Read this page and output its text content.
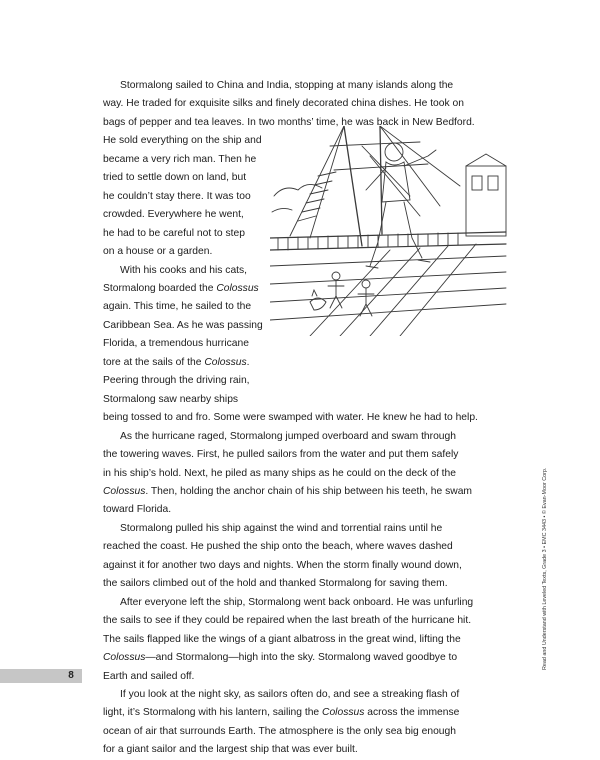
Stormalong sailed to China and India, stopping at many islands along the
way. He traded for exquisite silks and finely decorated china dishes. He took on
bags of pepper and tea leaves. In two months’ time, he was back in New Bedford.
He sold everything on the ship and
became a very rich man. Then he
tried to settle down on land, but
he couldn’t stay there. It was too
crowded. Everywhere he went,
he had to be careful not to step
on a house or a garden.

With his cooks and his cats,
Stormalong boarded the Colossus
again. This time, he sailed to the
Caribbean Sea. As he was passing
Florida, a tremendous hurricane
tore at the sails of the Colossus.
Peering through the driving rain,
Stormalong saw nearby ships
being tossed to and fro. Some were swamped with water. He knew he had to help.

As the hurricane raged, Stormalong jumped overboard and swam through
the towering waves. First, he pulled sailors from the water and put them safely
in his ship’s hold. Next, he piled as many ships as he could on the deck of the
Colossus. Then, holding the anchor chain of his ship between his teeth, he swam
toward Florida.

Stormalong pulled his ship against the wind and torrential rains until he
reached the coast. He pushed the ship onto the beach, where waves dashed
against it for another two days and nights. When the storm finally wound down,
the sailors climbed out of the hold and thanked Stormalong for saving them.

After everyone left the ship, Stormalong went back onboard. He was unfurling
the sails to see if they could be repaired when the last breath of the hurricane hit.
The sails flapped like the wings of a giant albatross in the great wind, lifting the
Colossus—and Stormalong—high into the sky. Stormalong waved goodbye to
Earth and sailed off.

If you look at the night sky, as sailors often do, and see a streaking flash of
light, it’s Stormalong with his lantern, sailing the Colossus across the immense
ocean of air that surrounds Earth. The atmosphere is the only sea big enough
for a giant sailor and the largest ship that was ever built.

8
Read and Understand with Leveled Texts, Grade 3 • EMC 3443 • © Evan-Moor Corp.
